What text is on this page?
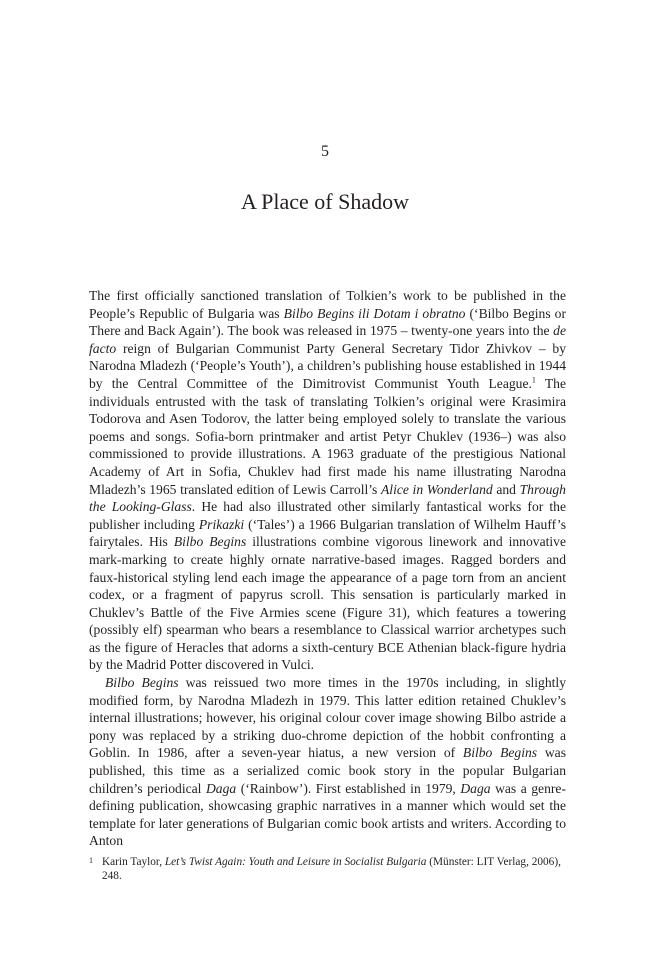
5
A Place of Shadow

The first officially sanctioned translation of Tolkien’s work to be published in the People’s Republic of Bulgaria was Bilbo Begins ili Dotam i obratno (‘Bilbo Begins or There and Back Again’). The book was released in 1975 – twenty-one years into the de facto reign of Bulgarian Communist Party General Secretary Tidor Zhivkov – by Narodna Mladezh (‘People’s Youth’), a children’s publishing house established in 1944 by the Central Committee of the Dimitrovist Communist Youth League.$^1$ The individuals entrusted with the task of translating Tolkien’s original were Krasimira Todorova and Asen Todorov, the latter being employed solely to translate the various poems and songs. Sofia-born printmaker and artist Petyr Chuklev (1936–) was also commissioned to provide illustrations. A 1963 graduate of the prestigious National Academy of Art in Sofia, Chuklev had first made his name illustrating Narodna Mladezh’s 1965 translated edition of Lewis Carroll’s Alice in Wonderland and Through the Looking-Glass. He had also illustrated other similarly fantastical works for the publisher including Prikazki (‘Tales’) a 1966 Bulgarian translation of Wilhelm Hauff’s fairytales. His Bilbo Begins illustrations combine vigorous linework and innovative mark-marking to create highly ornate narrative-based images. Ragged borders and faux-historical styling lend each image the appearance of a page torn from an ancient codex, or a fragment of papyrus scroll. This sensation is particularly marked in Chuklev’s Battle of the Five Armies scene (Figure 31), which features a towering (possibly elf) spearman who bears a resemblance to Classical warrior archetypes such as the figure of Heracles that adorns a sixth-century BCE Athenian black-figure hydria by the Madrid Potter discovered in Vulci.

Bilbo Begins was reissued two more times in the 1970s including, in slightly modified form, by Narodna Mladezh in 1979. This latter edition retained Chuklev’s internal illustrations; however, his original colour cover image showing Bilbo astride a pony was replaced by a striking duo-chrome depiction of the hobbit confronting a Goblin. In 1986, after a seven-year hiatus, a new version of Bilbo Begins was published, this time as a serialized comic book story in the popular Bulgarian children’s periodical Daga (‘Rainbow’). First established in 1979, Daga was a genre-defining publication, showcasing graphic narratives in a manner which would set the template for later generations of Bulgarian comic book artists and writers. According to Anton

1 Karin Taylor, Let’s Twist Again: Youth and Leisure in Socialist Bulgaria (Münster: LIT Verlag, 2006), 248.
